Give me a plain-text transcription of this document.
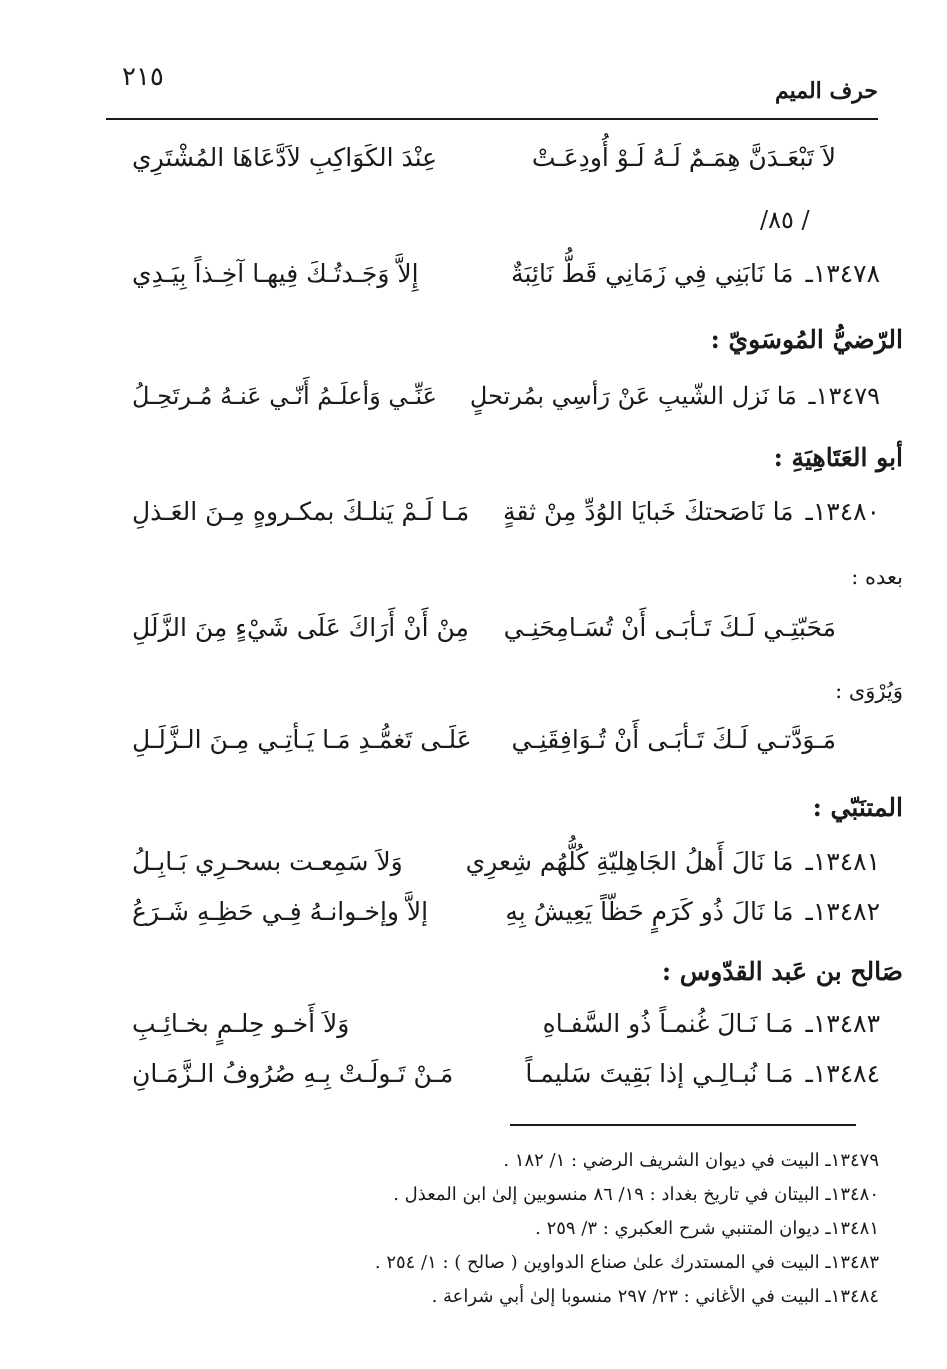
حرف الميم
٢١٥
لاَ تَبْعَـدَنَّ هِمَـمٌ لَـهُ لَـوْ أُودِعَـتْ
عِنْدَ الكَوَاكِبِ لاَدَّعَاهَا المُشْتَرِي
/ ٨٥/
١٣٤٧٨ـ مَا نَابَنِي فِي زَمَانِي قَطُّ نَائِبَةٌ
إِلاَّ وَجَـدتُـكَ فِيهـا آخِـذاً بِيَـدِي
الرّضيُّ المُوسَويّ :
١٣٤٧٩ـ مَا نَزل الشّيبِ عَنْ رَأسِي بمُرتحلٍ
عَنِّـي وَأعلَـمُ أَنّـي عَنـهُ مُـرتَحِـلُ
أبو العَتَاهِيَةِ :
١٣٤٨٠ـ مَا نَاصَحتكَ خَبايَا الوُدِّ مِنْ ثقةٍ
مَـا لَـمْ يَنلـكَ بمكـروهٍ مِـنَ العَـذلِ
بعده :
مَحَبّتِـي لَـكَ تَـأبَـى أَنْ تُسَـامِحَنِـي
مِنْ أَنْ أَرَاكَ عَلَى شَيْءٍ مِنَ الزَّلَلِ
وَيُرْوَى :
مَـوَدَّتـي لَـكَ تَـأبَـى أَنْ تُـوَافِقَنِـي
عَلَـى تَغمُّـدِ مَـا يَـأتِـي مِـنَ الـزَّلَـلِ
المتنَبّي :
١٣٤٨١ـ مَا نَالَ أَهلُ الجَاهِليّةِ كُلُّهُم شِعرِي
وَلاَ سَمِعـت بسحـرِي بَـابِـلُ
١٣٤٨٢ـ مَا نَالَ ذُو كَرَمٍ حَظّاً يَعِيشُ بِهِ
إلاَّ وإخـوانـهُ فِـي حَظِـهِ شَـرَعُ
صَالح بن عَبد القدّوس :
١٣٤٨٣ـ مَـا نَـالَ غُنمـاً ذُو السَّفـاهِ
وَلاَ أَخـو حِلـمٍ بخـائِـبِ
١٣٤٨٤ـ مَـا نُبـالِـي إذا بَقِيتَ سَليمـاً
مَـنْ تَـولَـتْ بِـهِ صُرُوفُ الـزَّمَـانِ
١٣٤٧٩ـ البيت في ديوان الشريف الرضي : ١/ ١٨٢ .
١٣٤٨٠ـ البيتان في تاريخ بغداد : ١٩/ ٨٦ منسوبين إلىٰ ابن المعذل .
١٣٤٨١ـ ديوان المتنبي شرح العكبري : ٣/ ٢٥٩ .
١٣٤٨٣ـ البيت في المستدرك علىٰ صناع الدواوين ( صالح ) : ١/ ٢٥٤ .
١٣٤٨٤ـ البيت في الأغاني : ٢٣/ ٢٩٧ منسوبا إلىٰ أبي شراعة .
